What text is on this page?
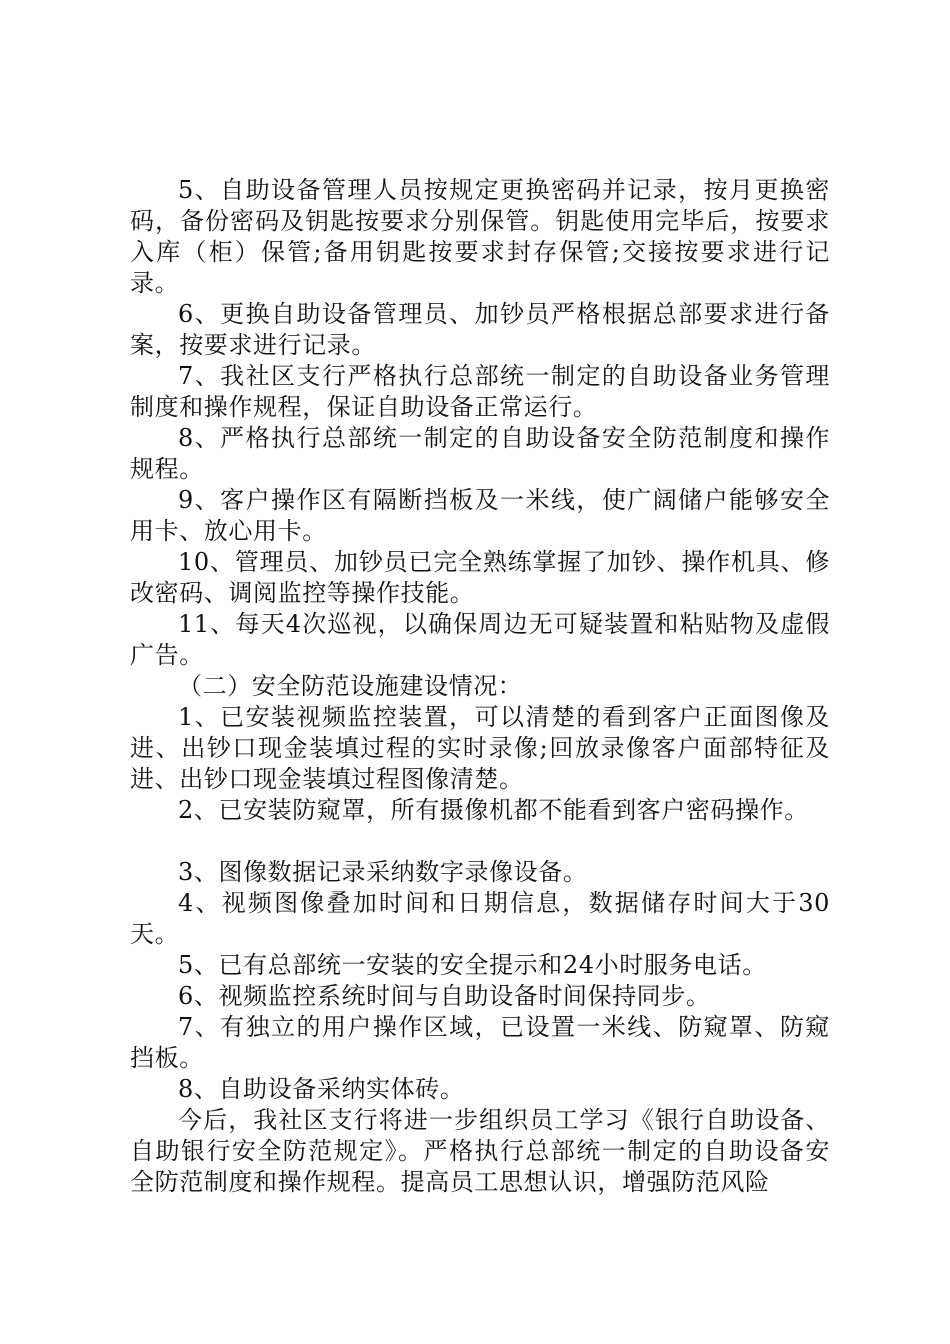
5、自助设备管理人员按规定更换密码并记录，按月更换密码，备份密码及钥匙按要求分别保管。钥匙使用完毕后，按要求入库（柜）保管;备用钥匙按要求封存保管;交接按要求进行记录。

6、更换自助设备管理员、加钞员严格根据总部要求进行备案，按要求进行记录。

7、我社区支行严格执行总部统一制定的自助设备业务管理制度和操作规程，保证自助设备正常运行。

8、严格执行总部统一制定的自助设备安全防范制度和操作规程。

9、客户操作区有隔断挡板及一米线，使广阔储户能够安全用卡、放心用卡。

10、管理员、加钞员已完全熟练掌握了加钞、操作机具、修改密码、调阅监控等操作技能。

11、每天4次巡视，以确保周边无可疑装置和粘贴物及虚假广告。

（二）安全防范设施建设情况：

1、已安装视频监控装置，可以清楚的看到客户正面图像及进、出钞口现金装填过程的实时录像;回放录像客户面部特征及进、出钞口现金装填过程图像清楚。

2、已安装防窥罩，所有摄像机都不能看到客户密码操作。

3、图像数据记录采纳数字录像设备。

4、视频图像叠加时间和日期信息，数据储存时间大于30天。

5、已有总部统一安装的安全提示和24小时服务电话。

6、视频监控系统时间与自助设备时间保持同步。

7、有独立的用户操作区域，已设置一米线、防窥罩、防窥挡板。

8、自助设备采纳实体砖。

今后，我社区支行将进一步组织员工学习《银行自助设备、自助银行安全防范规定》。严格执行总部统一制定的自助设备安全防范制度和操作规程。提高员工思想认识，增强防范风险
